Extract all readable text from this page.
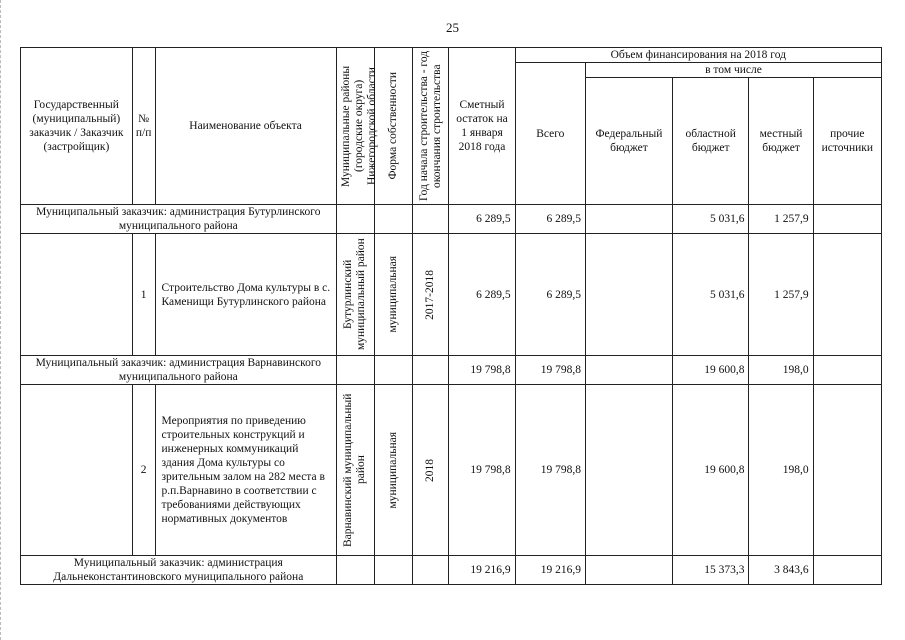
25
Государственный (муниципальный) заказчик / Заказчик (застройщик)	№ п/п	Наименование объекта	Муниципальные районы (городские округа) Нижегородской области	Форма собственности	Год начала строительства - год окончания строительства	Сметный остаток на 1 января 2018 года	Объем финансирования на 2018 год				
							Всего	в том числе			
								Федеральный бюджет	областной бюджет	местный бюджет	прочие источники
Муниципальный заказчик: администрация Бутурлинского муниципального района						6 289,5	6 289,5		5 031,6	1 257,9	
	1	Строительство Дома культуры в с. Каменищи Бутурлинского района	Бутурлинский муниципальный район	муниципальная	2017-2018	6 289,5	6 289,5		5 031,6	1 257,9	
Муниципальный заказчик: администрация Варнавинского муниципального района						19 798,8	19 798,8		19 600,8	198,0	
	2	Мероприятия по приведению строительных конструкций и инженерных коммуникаций здания Дома культуры со зрительным залом на 282 места в р.п.Варнавино в соответствии с требованиями действующих нормативных документов	Варнавинский муниципальный район	муниципальная	2018	19 798,8	19 798,8		19 600,8	198,0	
Муниципальный заказчик: администрация Дальнеконстантиновского муниципального района						19 216,9	19 216,9		15 373,3	3 843,6	
